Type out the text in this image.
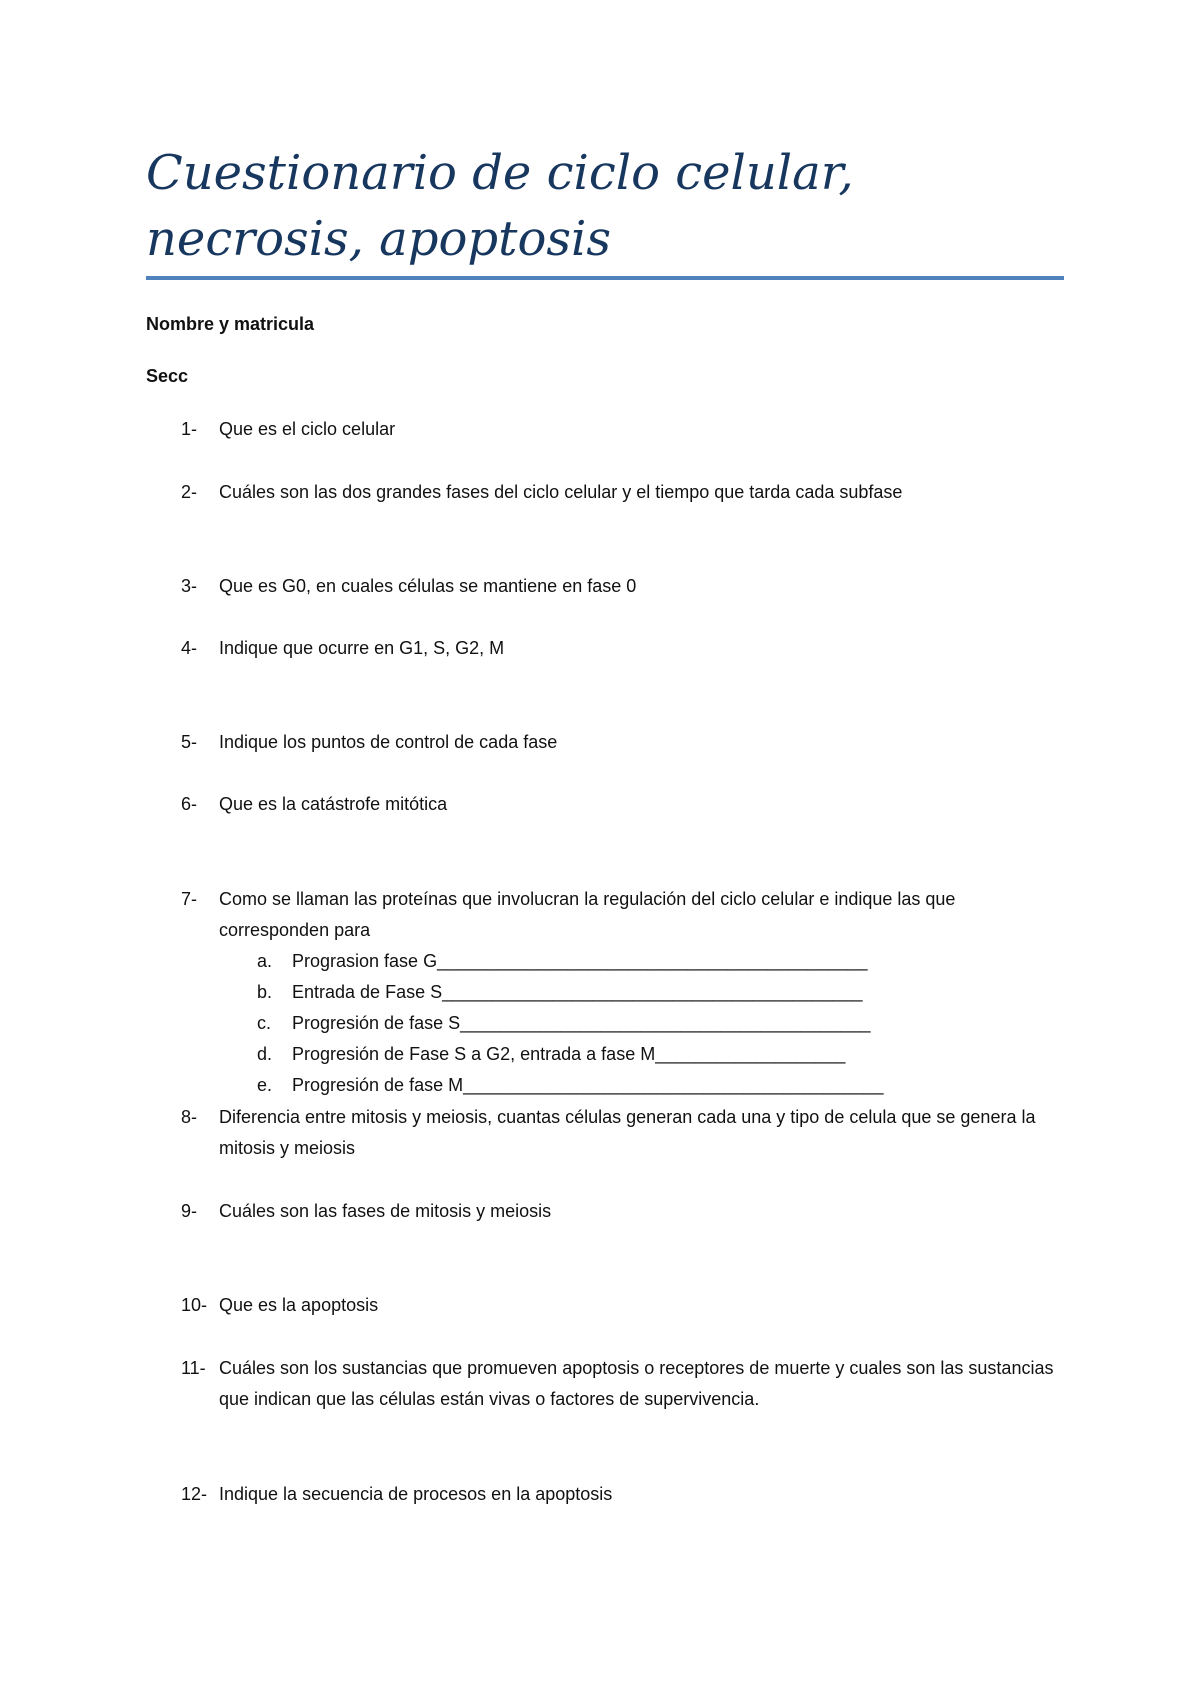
Cuestionario de ciclo celular, necrosis, apoptosis
Nombre y matricula
Secc
1-	Que es el ciclo celular
2-	Cuáles son las dos grandes fases del ciclo celular y el tiempo que tarda cada subfase
3-	Que es G0, en cuales células se mantiene en fase 0
4-	Indique que ocurre en G1, S, G2, M
5-	Indique los puntos de control de cada fase
6-	Que es la catástrofe mitótica
7-	Como se llaman las proteínas que involucran la regulación del ciclo celular e indique las que corresponden para
a. Prograsion fase G___________________________________________
b. Entrada de Fase S__________________________________________
c. Progresión de fase S_________________________________________
d. Progresión de Fase S a G2, entrada a fase M___________________
e. Progresión de fase M__________________________________________
8-	Diferencia entre mitosis y meiosis, cuantas células generan cada una y tipo de celula que se genera la mitosis y meiosis
9-	Cuáles son las fases de mitosis y meiosis
10- Que es la apoptosis
11- Cuáles son los sustancias que promueven apoptosis o receptores de muerte y cuales son las sustancias que indican que las células están vivas o factores de supervivencia.
12- Indique la secuencia de procesos en la apoptosis
